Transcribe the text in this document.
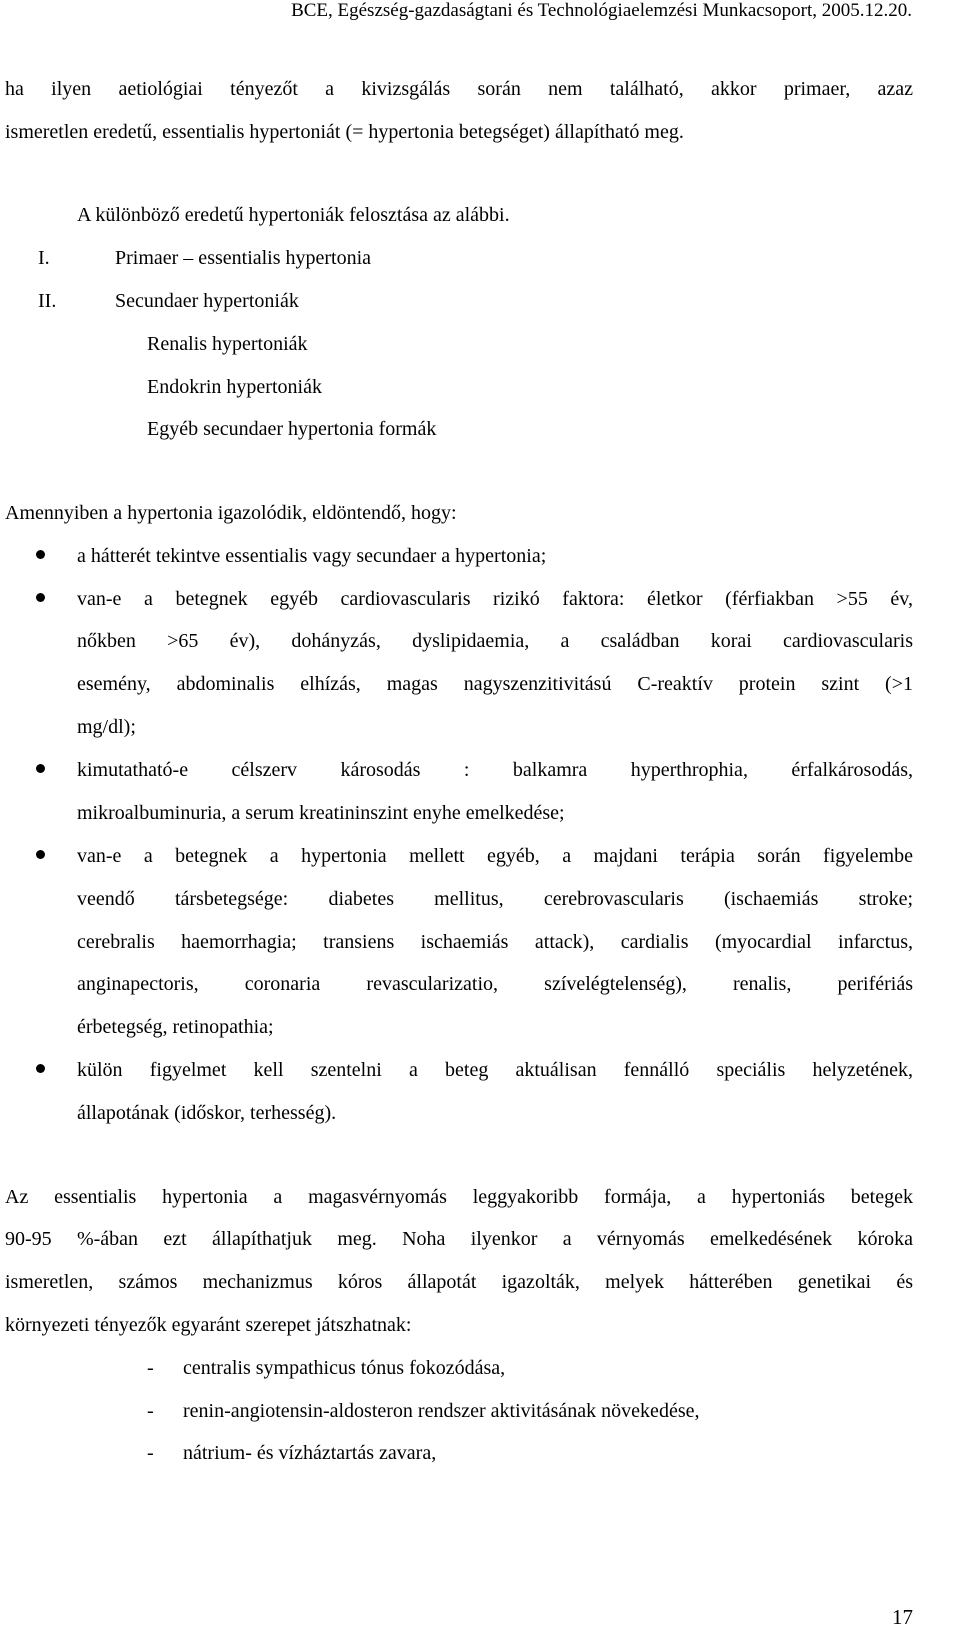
BCE, Egészség-gazdaságtani és Technológiaelemzési Munkacsoport, 2005.12.20.
ha ilyen aetiológiai tényezőt a kivizsgálás során nem található, akkor primaer, azaz
ismeretlen eredetű, essentialis hypertoniát (= hypertonia betegséget) állapítható meg.
A különböző eredetű hypertoniák felosztása az alábbi.
I.	Primaer – essentialis hypertonia
II.	Secundaer hypertoniák
Renalis hypertoniák
Endokrin hypertoniák
Egyéb secundaer hypertonia formák
Amennyiben a hypertonia igazolódik, eldöntendő, hogy:
a hátterét tekintve essentialis vagy secundaer a hypertonia;
van-e a betegnek egyéb cardiovascularis rizikó faktora: életkor (férfiakban >55 év,
nőkben >65 év), dohányzás, dyslipidaemia, a családban korai cardiovascularis
esemény, abdominalis elhízás, magas nagyszenzitivitású C-reaktív protein szint (>1
mg/dl);
kimutatható-e célszerv károsodás : balkamra hyperthrophia, érfalkárosodás,
mikroalbuminuria, a serum kreatininszint enyhe emelkedése;
van-e a betegnek a hypertonia mellett egyéb, a majdani terápia során figyelembe
veendő társbetegsége: diabetes mellitus, cerebrovascularis (ischaemiás stroke;
cerebralis haemorrhagia; transiens ischaemiás attack), cardialis (myocardial infarctus,
anginapectoris, coronaria revascularizatio, szívelégtelenség), renalis, perifériás
érbetegség, retinopathia;
külön figyelmet kell szentelni a beteg aktuálisan fennálló speciális helyzetének,
állapotának (időskor, terhesség).
Az essentialis hypertonia a magasvérnyomás leggyakoribb formája, a hypertoniás betegek
90-95 %-ában ezt állapíthatjuk meg. Noha ilyenkor a vérnyomás emelkedésének kóroka
ismeretlen, számos mechanizmus kóros állapotát igazolták, melyek hátterében genetikai és
környezeti tényezők egyaránt szerepet játszhatnak:
- centralis sympathicus tónus fokozódása,
- renin-angiotensin-aldosteron rendszer aktivitásának növekedése,
- nátrium- és vízháztartás zavara,
17
